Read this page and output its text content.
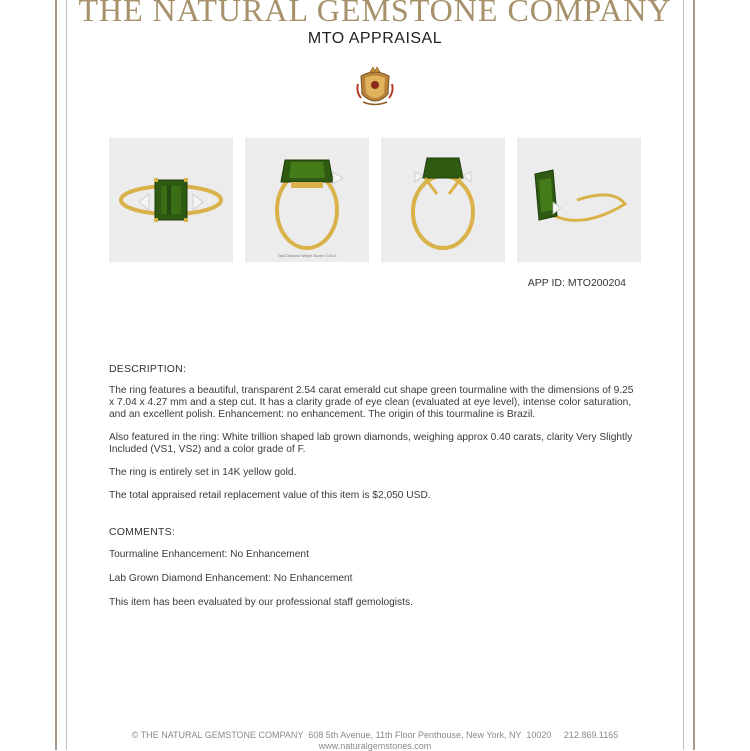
THE NATURAL GEMSTONE COMPANY
MTO APPRAISAL
Total Diamond Weight Shown: 0.40 ct
APP ID: MTO200204
DESCRIPTION:
The ring features a beautiful, transparent 2.54 carat emerald cut shape green tourmaline with the dimensions of 9.25 x 7.04 x 4.27 mm and a step cut. It has a clarity grade of eye clean (evaluated at eye level), intense color saturation, and an excellent polish. Enhancement: no enhancement. The origin of this tourmaline is Brazil.
Also featured in the ring: White trillion shaped lab grown diamonds, weighing approx 0.40 carats, clarity Very Slightly Included (VS1, VS2) and a color grade of F.
The ring is entirely set in 14K yellow gold.
The total appraised retail replacement value of this item is $2,050 USD.
COMMENTS:
Tourmaline Enhancement: No Enhancement
Lab Grown Diamond Enhancement: No Enhancement
This item has been evaluated by our professional staff gemologists.
© THE NATURAL GEMSTONE COMPANY  608 5th Avenue, 11th Floor Penthouse, New York, NY  10020     212.869.1165
www.naturalgemstones.com
